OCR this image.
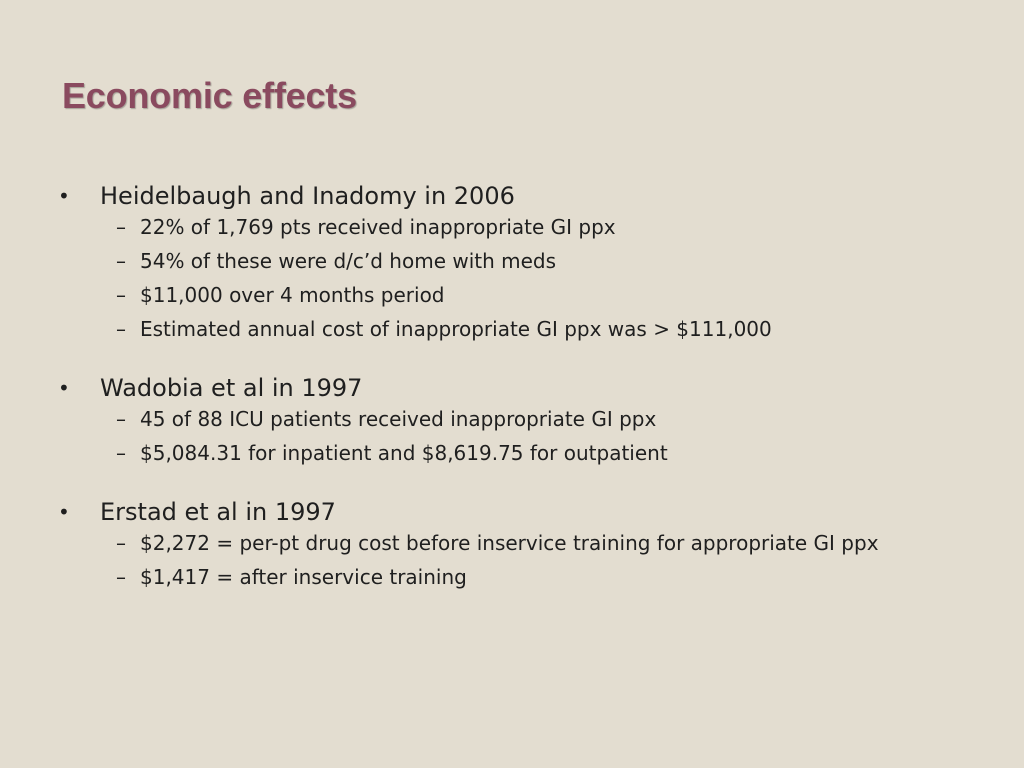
Economic effects
•	Heidelbaugh and Inadomy in 2006
– 22% of 1,769 pts received inappropriate GI ppx
– 54% of these were d/c’d home with meds
– $11,000 over 4 months period
– Estimated annual cost of inappropriate GI ppx was > $111,000
•	Wadobia et al in 1997
– 45 of 88 ICU patients received inappropriate GI ppx
– $5,084.31 for inpatient and $8,619.75 for outpatient
•	Erstad et al in 1997
– $2,272 = per-pt drug cost before inservice training for appropriate GI ppx
– $1,417 = after inservice training
